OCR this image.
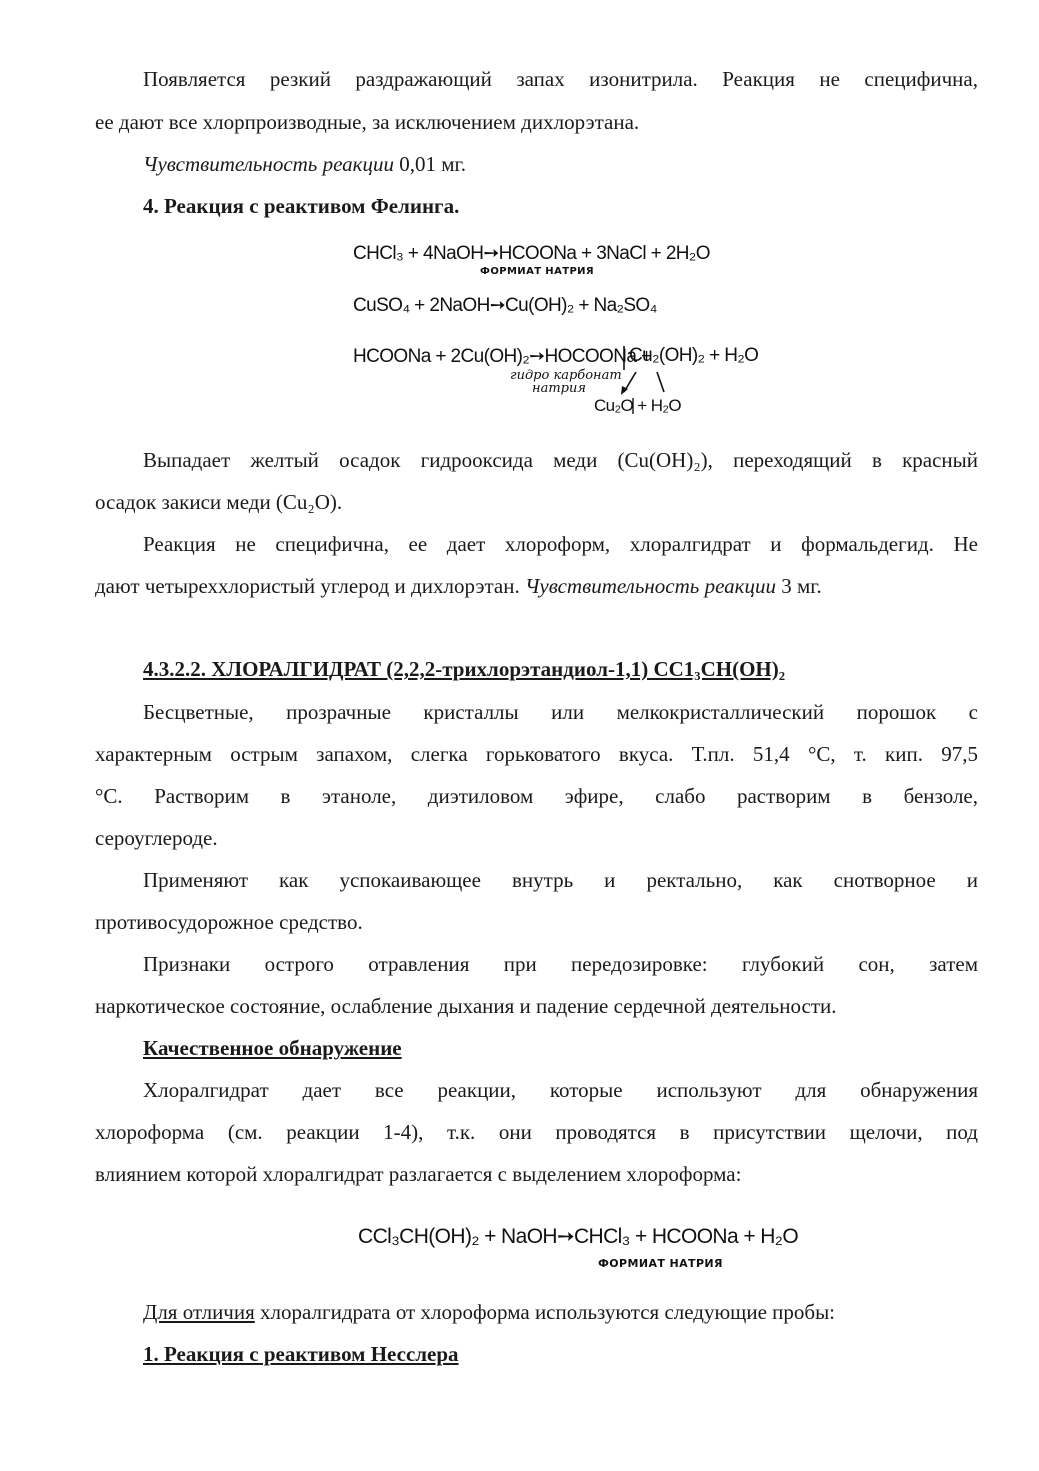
Появляется резкий раздражающий запах изонитрила. Реакция не специфична,
ее дают все хлорпроизводные, за исключением дихлорэтана.
Чувствительность реакции 0,01 мг.
4. Реакция с реактивом Фелинга.
CHCl₃ + 4NaOH➙HCOONa + 3NaCl + 2H₂O
ФОРМИАТ НАТРИЯ
CuSO₄ + 2NaOH➙Cu(OH)₂ + Na₂SO₄
HCOONa + 2Cu(OH)₂➙HOCOONa +
Cu₂(OH)₂ + H₂O
гидро карбонат
натрия
Cu₂O + H₂O
Выпадает желтый осадок гидрооксида меди (Cu(OH)₂), переходящий в красный
осадок закиси меди (Cu₂O).
Реакция не специфична, ее дает хлороформ, хлоралгидрат и формальдегид. Не
дают четыреххлористый углерод и дихлорэтан. Чувствительность реакции 3 мг.
4.3.2.2. ХЛОРАЛГИДРАТ (2,2,2-трихлорэтандиол-1,1) СС1₃СН(ОН)₂
Бесцветные, прозрачные кристаллы или мелкокристаллический порошок с
характерным острым запахом, слегка горьковатого вкуса. Т.пл. 51,4 °С, т. кип. 97,5
°С. Растворим в этаноле, диэтиловом эфире, слабо растворим в бензоле,
сероуглероде.
Применяют как успокаивающее внутрь и ректально, как снотворное и
противосудорожное средство.
Признаки острого отравления при передозировке: глубокий сон, затем
наркотическое состояние, ослабление дыхания и падение сердечной деятельности.
Качественное обнаружение
Хлоралгидрат дает все реакции, которые используют для обнаружения
хлороформа (см. реакции 1-4), т.к. они проводятся в присутствии щелочи, под
влиянием которой хлоралгидрат разлагается с выделением хлороформа:
CCl₃CH(OH)₂ + NaOH➙CHCl₃ + HCOONa + H₂O
ФОРМИАТ НАТРИЯ
Для отличия хлоралгидрата от хлороформа используются следующие пробы:
1. Реакция с реактивом Несслера
